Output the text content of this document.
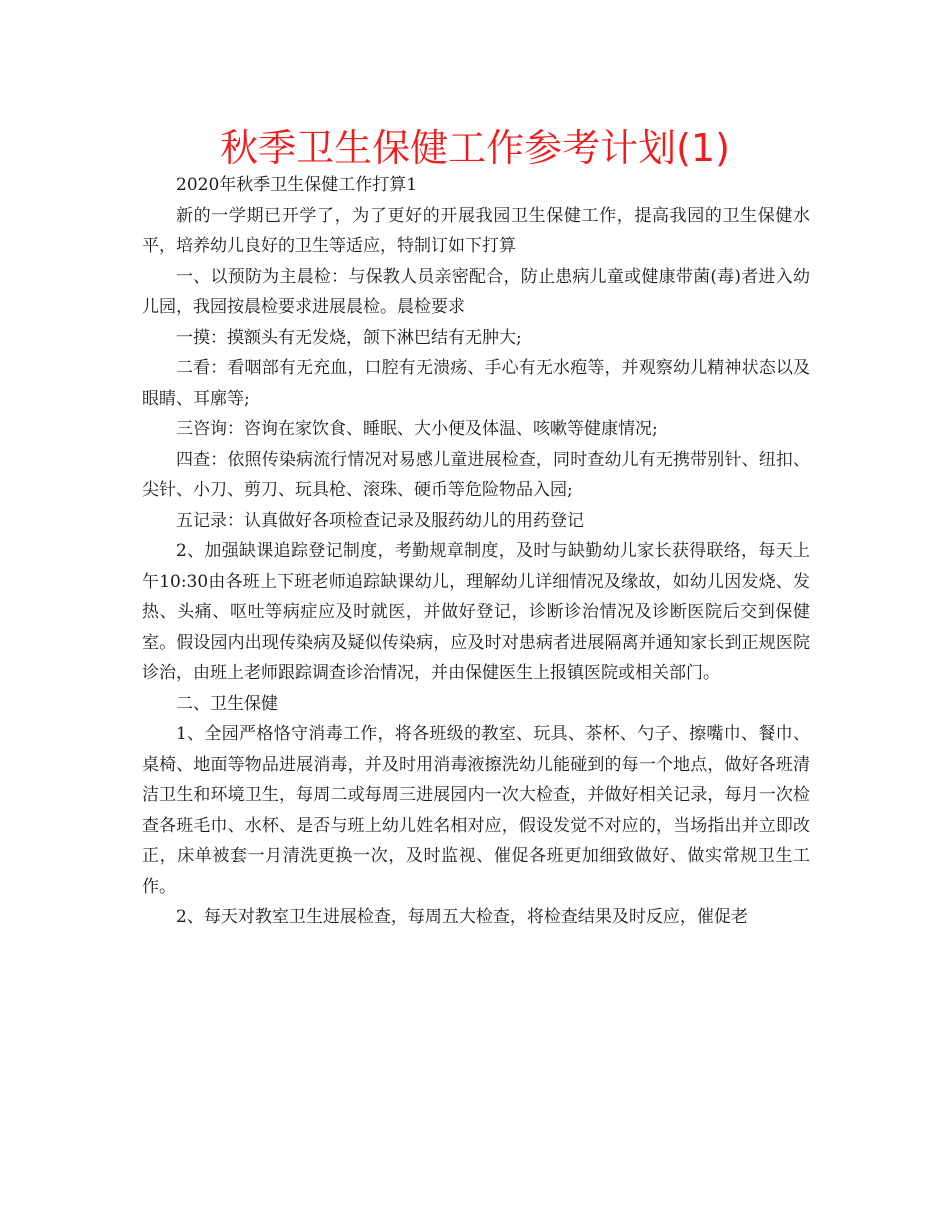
秋季卫生保健工作参考计划(1)

2020年秋季卫生保健工作打算1

新的一学期已开学了，为了更好的开展我园卫生保健工作，提高我园的卫生保健水平，培养幼儿良好的卫生等适应，特制订如下打算

一、以预防为主晨检：与保教人员亲密配合，防止患病儿童或健康带菌(毒)者进入幼儿园，我园按晨检要求进展晨检。晨检要求

一摸：摸额头有无发烧，颌下淋巴结有无肿大;

二看：看咽部有无充血，口腔有无溃疡、手心有无水疱等，并观察幼儿精神状态以及眼睛、耳廓等;

三咨询：咨询在家饮食、睡眠、大小便及体温、咳嗽等健康情况;

四查：依照传染病流行情况对易感儿童进展检查，同时查幼儿有无携带别针、纽扣、尖针、小刀、剪刀、玩具枪、滚珠、硬币等危险物品入园;

五记录：认真做好各项检查记录及服药幼儿的用药登记

2、加强缺课追踪登记制度，考勤规章制度，及时与缺勤幼儿家长获得联络，每天上午10:30由各班上下班老师追踪缺课幼儿，理解幼儿详细情况及缘故，如幼儿因发烧、发热、头痛、呕吐等病症应及时就医，并做好登记，诊断诊治情况及诊断医院后交到保健室。假设园内出现传染病及疑似传染病，应及时对患病者进展隔离并通知家长到正规医院诊治，由班上老师跟踪调查诊治情况，并由保健医生上报镇医院或相关部门。

二、卫生保健

1、全园严格恪守消毒工作，将各班级的教室、玩具、茶杯、勺子、擦嘴巾、餐巾、桌椅、地面等物品进展消毒，并及时用消毒液擦洗幼儿能碰到的每一个地点，做好各班清洁卫生和环境卫生，每周二或每周三进展园内一次大检查，并做好相关记录，每月一次检查各班毛巾、水杯、是否与班上幼儿姓名相对应，假设发觉不对应的，当场指出并立即改正，床单被套一月清洗更换一次，及时监视、催促各班更加细致做好、做实常规卫生工作。

2、每天对教室卫生进展检查，每周五大检查，将检查结果及时反应，催促老
